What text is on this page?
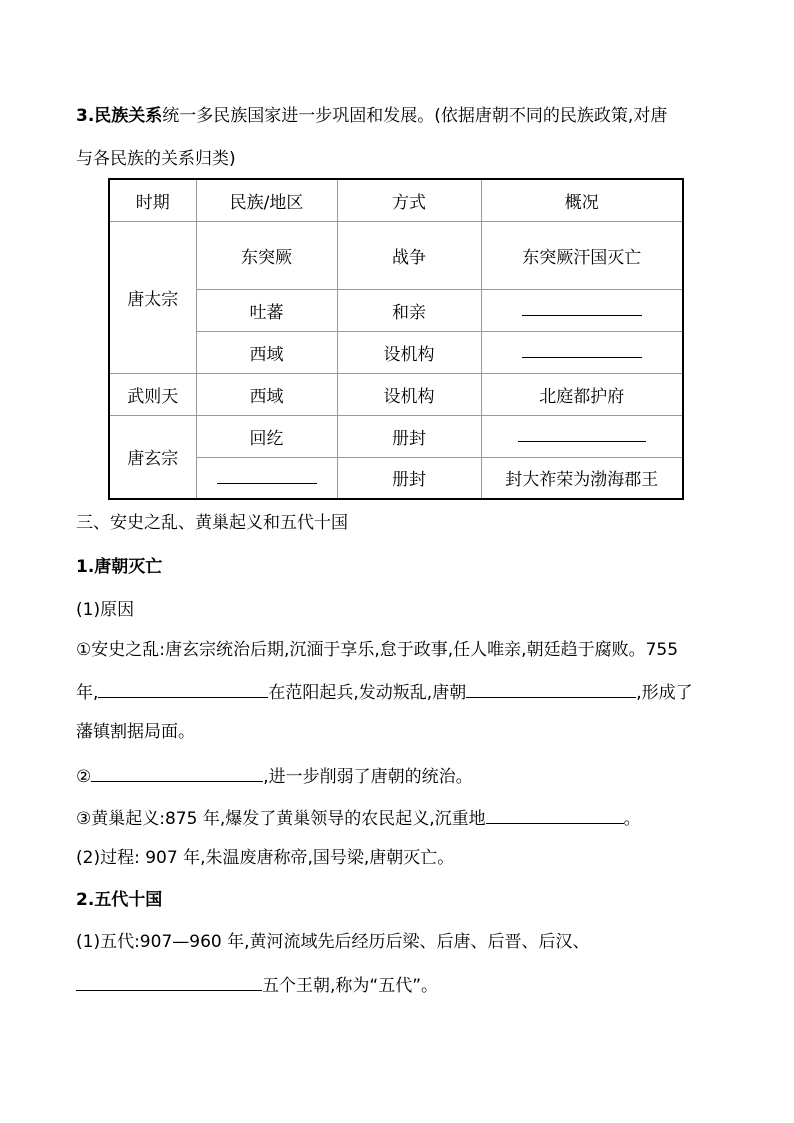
3.民族关系统一多民族国家进一步巩固和发展。(依据唐朝不同的民族政策,对唐
与各民族的关系归类)
时期	民族/地区	方式	概况
唐太宗	东突厥	战争	东突厥汗国灭亡
	吐蕃	和亲	
	西域	设机构	
武则天	西域	设机构	北庭都护府
唐玄宗	回纥	册封	
		册封	封大祚荣为渤海郡王
三、安史之乱、黄巢起义和五代十国
1.唐朝灭亡
(1)原因
①安史之乱:唐玄宗统治后期,沉湎于享乐,怠于政事,任人唯亲,朝廷趋于腐败。755
年,	在范阳起兵,发动叛乱,唐朝	,形成了
藩镇割据局面。
②	,进一步削弱了唐朝的统治。
③黄巢起义:875 年,爆发了黄巢领导的农民起义,沉重地	。
(2)过程: 907 年,朱温废唐称帝,国号梁,唐朝灭亡。
2.五代十国
(1)五代:907—960 年,黄河流域先后经历后梁、后唐、后晋、后汉、
五个王朝,称为“五代”。
